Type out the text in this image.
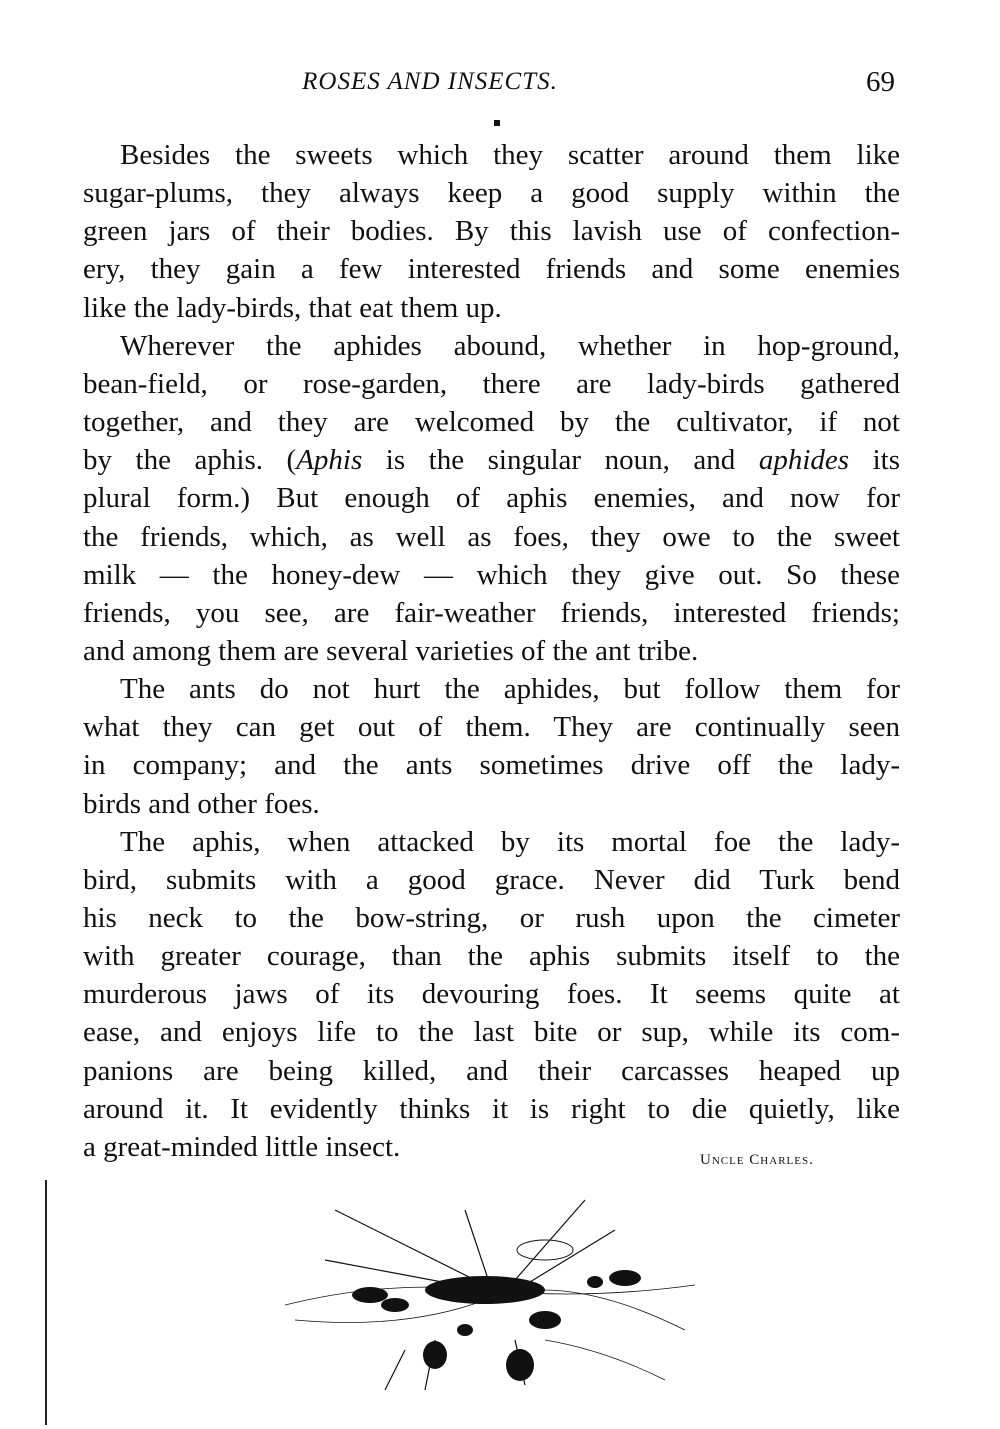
ROSES AND INSECTS.	69
Besides the sweets which they scatter around them like
sugar-plums, they always keep a good supply within the
green jars of their bodies. By this lavish use of confection-
ery, they gain a few interested friends and some enemies
like the lady-birds, that eat them up.
Wherever the aphides abound, whether in hop-ground,
bean-field, or rose-garden, there are lady-birds gathered
together, and they are welcomed by the cultivator, if not
by the aphis. (Aphis is the singular noun, and aphides its
plural form.) But enough of aphis enemies, and now for
the friends, which, as well as foes, they owe to the sweet
milk — the honey-dew — which they give out. So these
friends, you see, are fair-weather friends, interested friends;
and among them are several varieties of the ant tribe.
The ants do not hurt the aphides, but follow them for
what they can get out of them. They are continually seen
in company; and the ants sometimes drive off the lady-
birds and other foes.
The aphis, when attacked by its mortal foe the lady-
bird, submits with a good grace. Never did Turk bend
his neck to the bow-string, or rush upon the cimeter
with greater courage, than the aphis submits itself to the
murderous jaws of its devouring foes. It seems quite at
ease, and enjoys life to the last bite or sup, while its com-
panions are being killed, and their carcasses heaped up
around it. It evidently thinks it is right to die quietly, like
a great-minded little insect.	Uncle Charles.
